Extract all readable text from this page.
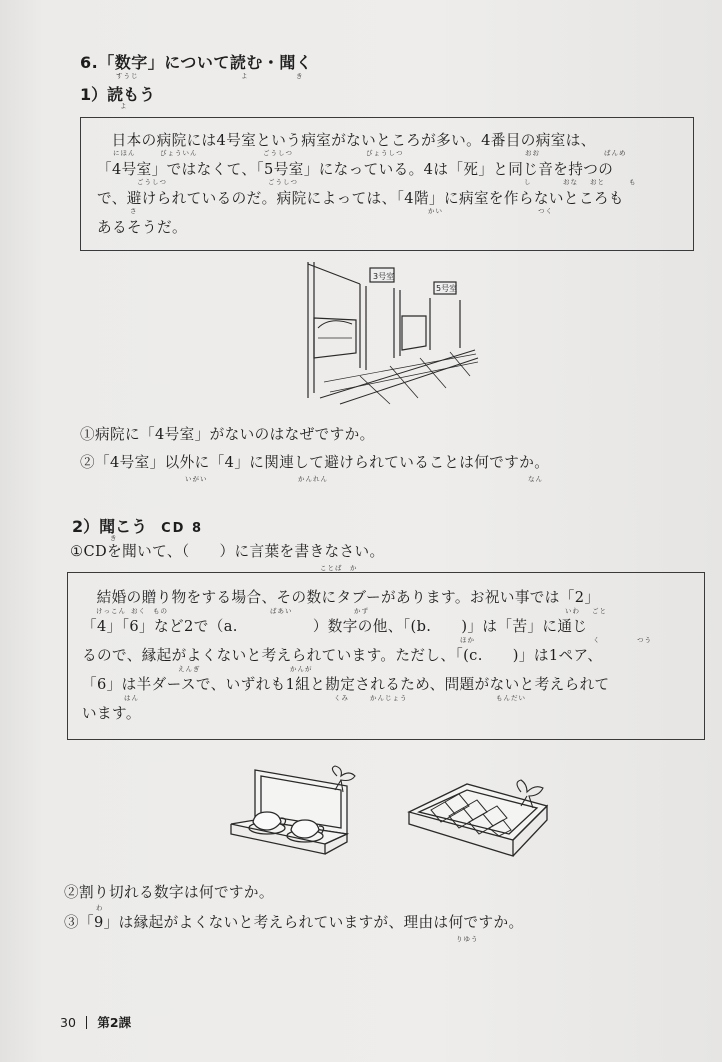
6.「数字」について読む・聞く
すうじ	よ	き
1）読もう
よ

日本の病院には4号室という病室がないところが多い。4番目の病室は、

「4号室」ではなくて、「5号室」になっている。4は「死」と同じ音を持つの

で、避けられているのだ。病院によっては、「4階」に病室を作らないところも

あるそうだ。

にほん	びょういん	ごうしつ	びょうしつ	おお	ばんめ
ごうしつ	ごうしつ	し	おな おと	も
さ	かい	つく
3号室
5号室
①病院に「4号室」がないのはなぜですか。
②「4号室」以外に「4」に関連して避けられていることは何ですか。
いがい	かんれん	なん
2）聞こう CD 8
き
①CDを聞いて、（　　）に言葉を書きなさい。
ことば　か

結婚の贈り物をする場合、その数にタブーがあります。お祝い事では「2」

「4」「6」など2で（a.　　　　　）数字の他、「(b.　　)」は「苦」に通じ

るので、縁起がよくないと考えられています。ただし、「(c.　　)」は1ペア、

「6」は半ダースで、いずれも1組と勘定されるため、問題がないと考えられて

います。

けっこん おく もの	ばあい	かず	いわ ごと
ほか	く	つう
えんぎ	かんが
はん	くみ	かんじょう	もんだい
②割り切れる数字は何ですか。
わ
③「9」は縁起がよくないと考えられていますが、理由は何ですか。
りゆう
30 第2課
